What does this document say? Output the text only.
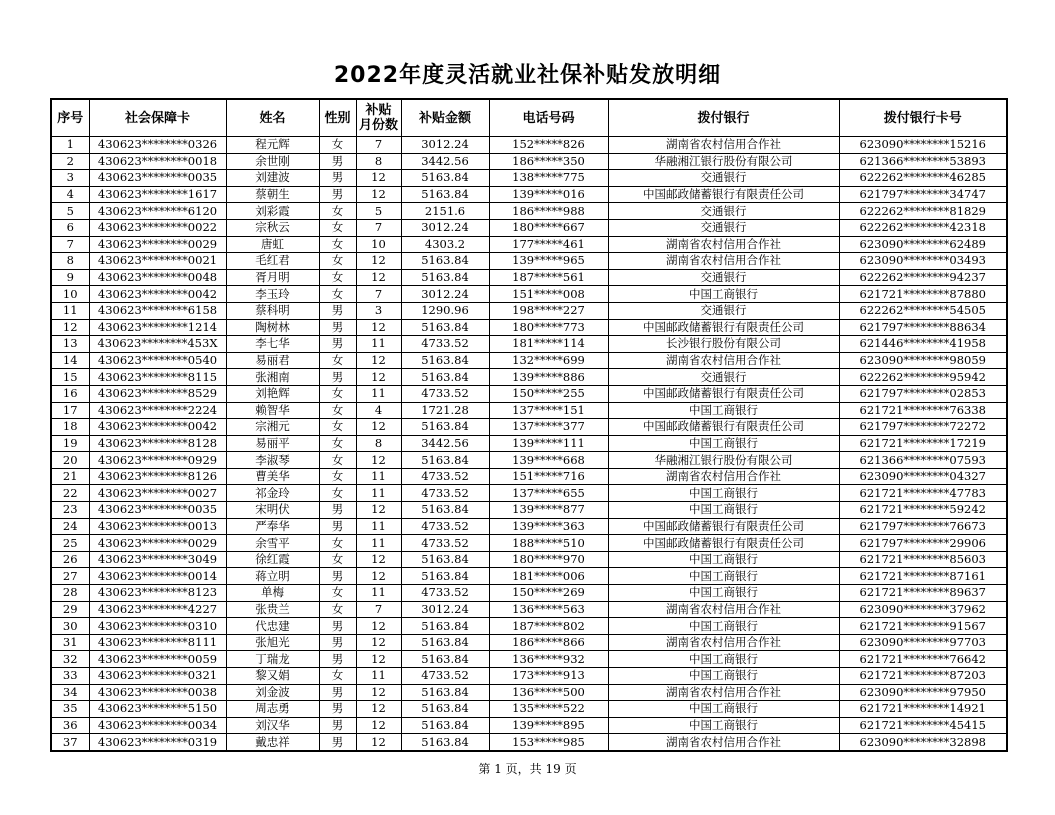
2022年度灵活就业社保补贴发放明细
序号	社会保障卡	姓名	性别	补贴
月份数	补贴金额	电话号码	拨付银行	拨付银行卡号
1	430623********0326	程元辉	女	7	3012.24	152*****826	湖南省农村信用合作社	623090********15216
2	430623********0018	余世刚	男	8	3442.56	186*****350	华融湘江银行股份有限公司	621366********53893
3	430623********0035	刘建波	男	12	5163.84	138*****775	交通银行	622262********46285
4	430623********1617	蔡朝生	男	12	5163.84	139*****016	中国邮政储蓄银行有限责任公司	621797********34747
5	430623********6120	刘彩霞	女	5	2151.6	186*****988	交通银行	622262********81829
6	430623********0022	宗秋云	女	7	3012.24	180*****667	交通银行	622262********42318
7	430623********0029	唐虹	女	10	4303.2	177*****461	湖南省农村信用合作社	623090********62489
8	430623********0021	毛红君	女	12	5163.84	139*****965	湖南省农村信用合作社	623090********03493
9	430623********0048	胥月明	女	12	5163.84	187*****561	交通银行	622262********94237
10	430623********0042	李玉玲	女	7	3012.24	151*****008	中国工商银行	621721********87880
11	430623********6158	蔡科明	男	3	1290.96	198*****227	交通银行	622262********54505
12	430623********1214	陶树林	男	12	5163.84	180*****773	中国邮政储蓄银行有限责任公司	621797********88634
13	430623********453X	李七华	男	11	4733.52	181*****114	长沙银行股份有限公司	621446********41958
14	430623********0540	易丽君	女	12	5163.84	132*****699	湖南省农村信用合作社	623090********98059
15	430623********8115	张湘南	男	12	5163.84	139*****886	交通银行	622262********95942
16	430623********8529	刘艳辉	女	11	4733.52	150*****255	中国邮政储蓄银行有限责任公司	621797********02853
17	430623********2224	赖智华	女	4	1721.28	137*****151	中国工商银行	621721********76338
18	430623********0042	宗湘元	女	12	5163.84	137*****377	中国邮政储蓄银行有限责任公司	621797********72272
19	430623********8128	易丽平	女	8	3442.56	139*****111	中国工商银行	621721********17219
20	430623********0929	李淑琴	女	12	5163.84	139*****668	华融湘江银行股份有限公司	621366********07593
21	430623********8126	曹美华	女	11	4733.52	151*****716	湖南省农村信用合作社	623090********04327
22	430623********0027	祁金玲	女	11	4733.52	137*****655	中国工商银行	621721********47783
23	430623********0035	宋明伏	男	12	5163.84	139*****877	中国工商银行	621721********59242
24	430623********0013	严奉华	男	11	4733.52	139*****363	中国邮政储蓄银行有限责任公司	621797********76673
25	430623********0029	余雪平	女	11	4733.52	188*****510	中国邮政储蓄银行有限责任公司	621797********29906
26	430623********3049	徐红霞	女	12	5163.84	180*****970	中国工商银行	621721********85603
27	430623********0014	蒋立明	男	12	5163.84	181*****006	中国工商银行	621721********87161
28	430623********8123	单梅	女	11	4733.52	150*****269	中国工商银行	621721********89637
29	430623********4227	张贵兰	女	7	3012.24	136*****563	湖南省农村信用合作社	623090********37962
30	430623********0310	代忠建	男	12	5163.84	187*****802	中国工商银行	621721********91567
31	430623********8111	张旭光	男	12	5163.84	186*****866	湖南省农村信用合作社	623090********97703
32	430623********0059	丁瑞龙	男	12	5163.84	136*****932	中国工商银行	621721********76642
33	430623********0321	黎又娟	女	11	4733.52	173*****913	中国工商银行	621721********87203
34	430623********0038	刘金波	男	12	5163.84	136*****500	湖南省农村信用合作社	623090********97950
35	430623********5150	周志勇	男	12	5163.84	135*****522	中国工商银行	621721********14921
36	430623********0034	刘汉华	男	12	5163.84	139*****895	中国工商银行	621721********45415
37	430623********0319	戴忠祥	男	12	5163.84	153*****985	湖南省农村信用合作社	623090********32898
第 1 页，共 19 页
